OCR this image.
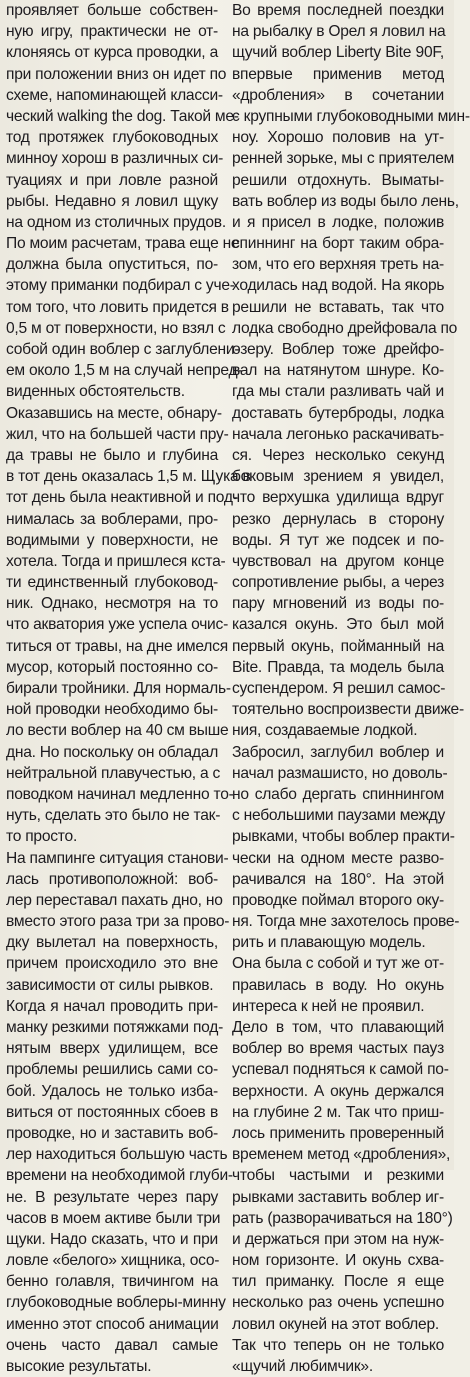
проявляет больше собствен-
ную игру, практически не от-
клоняясь от курса проводки, а
при положении вниз он идет по
схеме, напоминающей класси-
ческий walking the dog. Такой ме-
тод протяжек глубоководных
минноу хорош в различных си-
туациях и при ловле разной
рыбы. Недавно я ловил щуку
на одном из столичных прудов.
По моим расчетам, трава еще не
должна была опуститься, по-
этому приманки подбирал с уче-
том того, что ловить придется в
0,5 м от поверхности, но взял с
собой один воблер с заглублени-
ем около 1,5 м на случай непред-
виденных обстоятельств.
Оказавшись на месте, обнару-
жил, что на большей части пру-
да травы не было и глубина
в тот день оказалась 1,5 м. Щука в
тот день была неактивной и под-
нималась за воблерами, про-
водимыми у поверхности, не
хотела. Тогда и пришлеся кста-
ти единственный глубоковод-
ник. Однако, несмотря на то
что акватория уже успела очис-
титься от травы, на дне имелся
мусор, который постоянно со-
бирали тройники. Для нормаль-
ной проводки необходимо бы-
ло вести воблер на 40 см выше
дна. Но поскольку он обладал
нейтральной плавучестью, а с
поводком начинал медленно то-
нуть, сделать это было не так-
то просто.
На пампинге ситуация станови-
лась противоположной: воб-
лер переставал пахать дно, но
вместо этого раза три за прово-
дку вылетал на поверхность,
причем происходило это вне
зависимости от силы рывков.
Когда я начал проводить при-
манку резкими потяжками под-
нятым вверх удилищем, все
проблемы решились сами со-
бой. Удалось не только избa-
виться от постоянных сбоев в
проводке, но и заставить воб-
лер находиться большую часть
времени на необходимой глуби-
не. В результате через пару
часов в моем активе были три
щуки. Надо сказать, что и при
ловле «белого» хищника, осо-
бенно голавля, твичингом на
глубоководные воблеры-минну
именно этот способ анимации
очень часто давал самые
высокие результаты.
Во время последней поездки
на рыбалку в Орел я ловил на
щучий воблер Liberty Bite 90F,
впервые применив метод
«дробления» в сочетании
с крупными глубоководными мин-
ноу. Хорошо половив на ут-
ренней зорьке, мы с приятелем
решили отдохнуть. Выматы-
вать воблер из воды было лень,
и я присел в лодке, положив
спиннинг на борт таким обра-
зом, что его верхняя треть на-
ходилась над водой. На якорь
решили не вставать, так что
лодка свободно дрейфовала по
озеру. Воблер тоже дрейфо-
вал на натянутом шнуре. Ко-
гда мы стали разливать чай и
доставать бутерброды, лодка
начала легонько раскачивать-
ся. Через несколько секунд
боковым зрением я увидел,
что верхушка удилища вдруг
резко дернулась в сторону
воды. Я тут же подсек и по-
чувствовал на другом конце
сопротивление рыбы, а через
пару мгновений из воды по-
казался окунь. Это был мой
первый окунь, пойманный на
Bite. Правда, та модель была
суспендером. Я решил самос-
тоятельно воспроизвести движе-
ния, создаваемые лодкой.
Забросил, заглубил воблер и
начал размашисто, но доволь-
но слабо дергать спиннингом
с небольшими паузами между
рывками, чтобы воблер практи-
чески на одном месте разво-
рачивался на 180°. На этой
проводке поймал второго оку-
ня. Тогда мне захотелось прове-
рить и плавающую модель.
Она была с собой и тут же от-
правилась в воду. Но окунь
интереса к ней не проявил.
Дело в том, что плавающий
воблер во время частых пауз
успевал подняться к самой по-
верхности. А окунь держался
на глубине 2 м. Так что приш-
лось применить проверенный
временем метод «дробления»,
чтобы частыми и резкими
рывками заставить воблер иг-
рать (разворачиваться на 180°)
и держаться при этом на нуж-
ном горизонте. И окунь схва-
тил приманку. После я еще
несколько раз очень успешно
ловил окуней на этот воблер.
Так что теперь он не только
«щучий любимчик».
